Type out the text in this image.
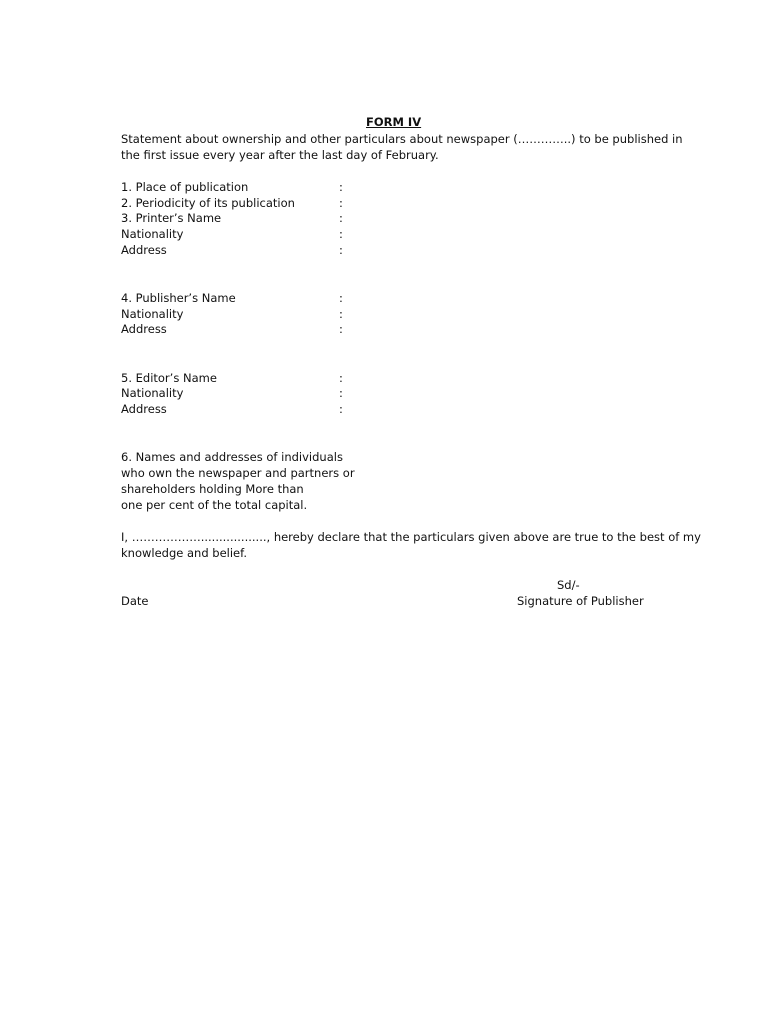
FORM IV
Statement about ownership and other particulars about newspaper (…………..) to be published in
the first issue every year after the last day of February.
1. Place of publication	:
2. Periodicity of its publication	:
3. Printer’s Name	:
Nationality	:
Address	:
4. Publisher’s Name	:
Nationality	:
Address	:
5. Editor’s Name	:
Nationality	:
Address	:
6. Names and addresses of individuals
who own the newspaper and partners or
shareholders holding More than
one per cent of the total capital.
I, ……………….................., hereby declare that the particulars given above are true to the best of my
knowledge and belief.
Sd/-
Date	Signature of Publisher
